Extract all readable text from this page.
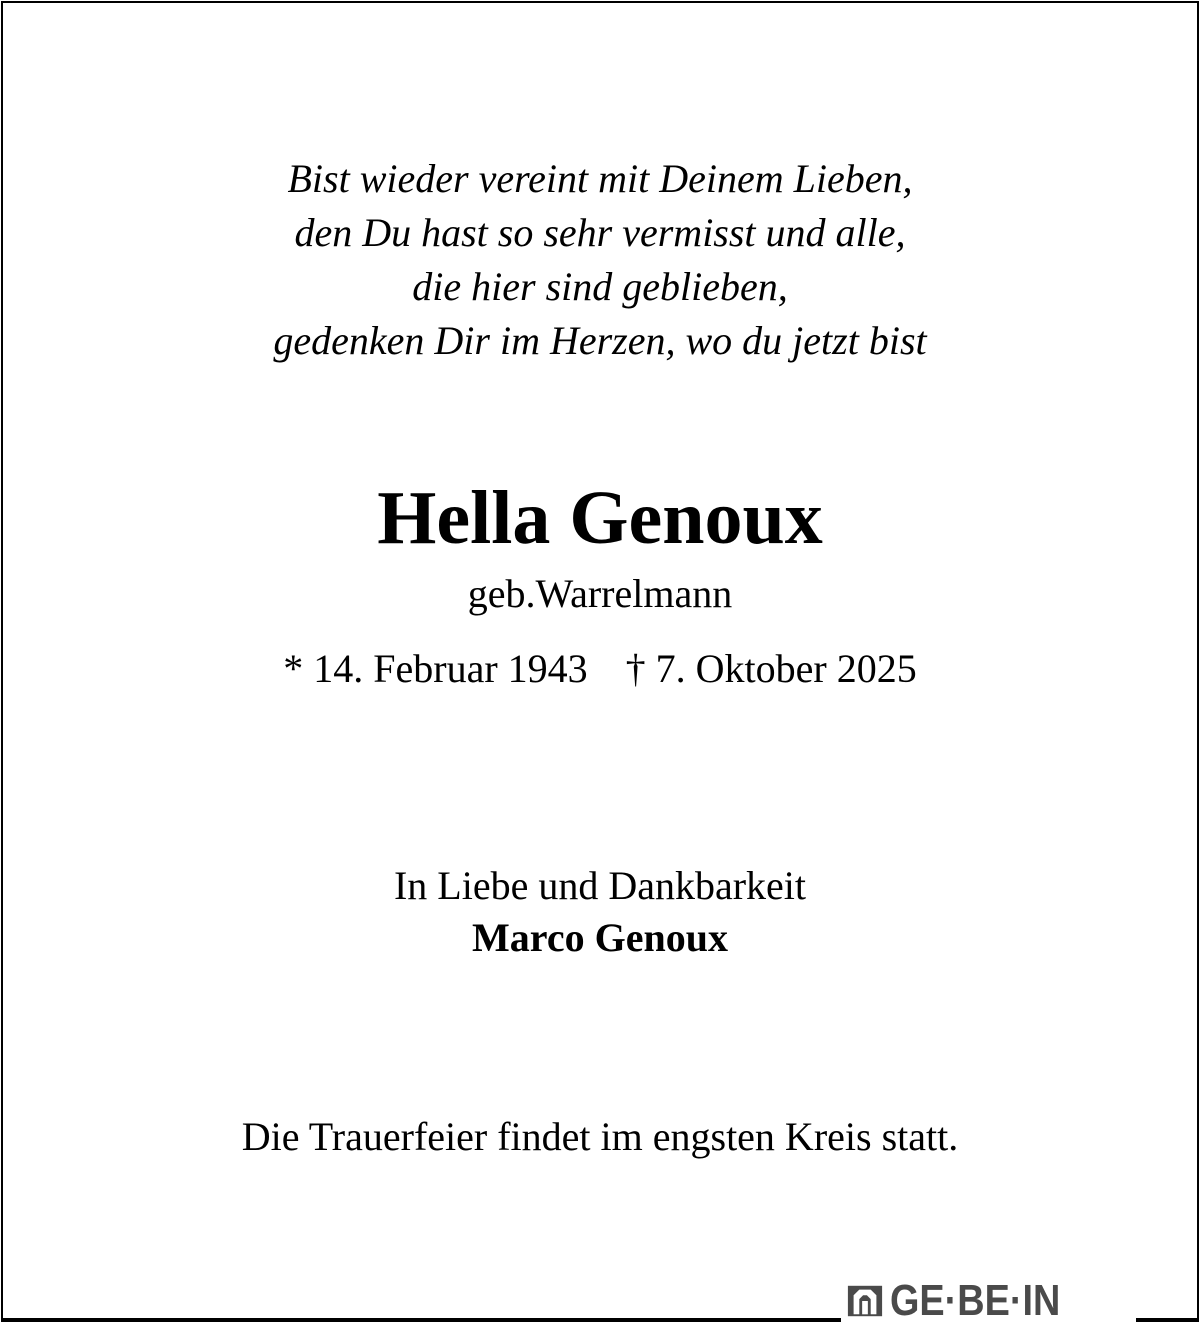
Bist wieder vereint mit Deinem Lieben,
den Du hast so sehr vermisst und alle,
die hier sind geblieben,
gedenken Dir im Herzen, wo du jetzt bist
Hella Genoux
geb.Warrelmann
* 14. Februar 1943 † 7. Oktober 2025
In Liebe und Dankbarkeit
Marco Genoux
Die Trauerfeier findet im engsten Kreis statt.
GE·BE·IN
